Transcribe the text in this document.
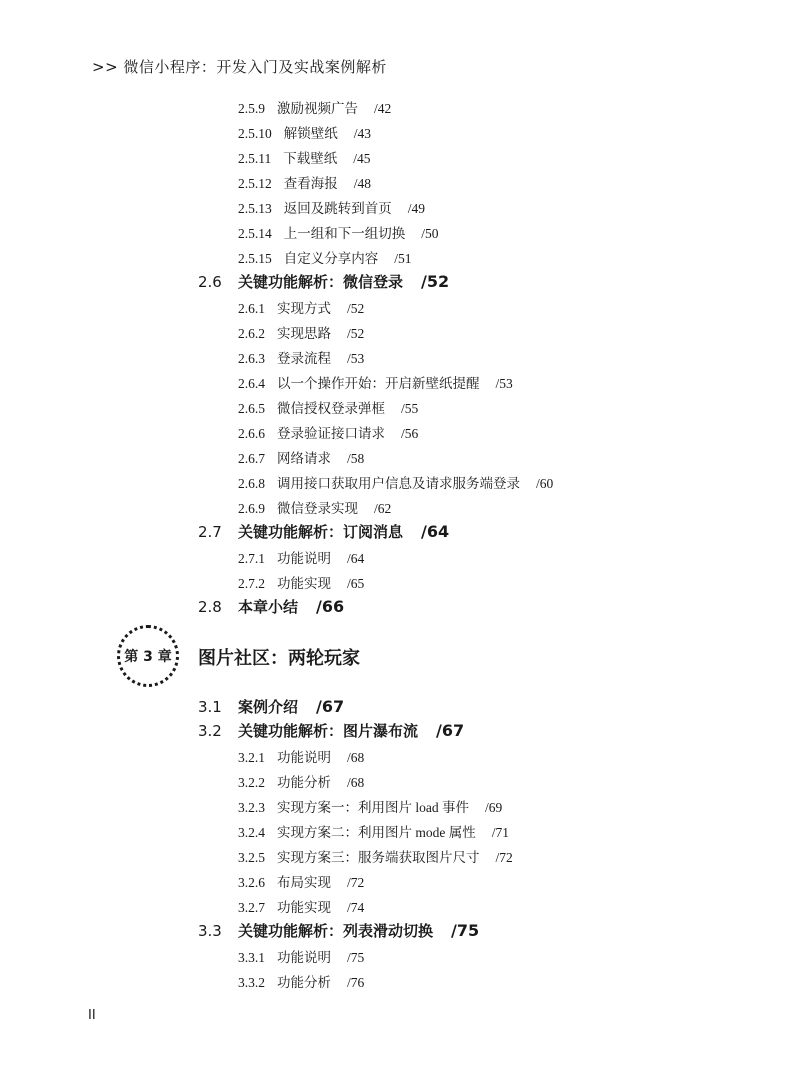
>> 微信小程序：开发入门及实战案例解析
2.5.9 激励视频广告 /42
2.5.10 解锁壁纸 /43
2.5.11 下载壁纸 /45
2.5.12 查看海报 /48
2.5.13 返回及跳转到首页 /49
2.5.14 上一组和下一组切换 /50
2.5.15 自定义分享内容 /51
2.6 关键功能解析：微信登录 /52
2.6.1 实现方式 /52
2.6.2 实现思路 /52
2.6.3 登录流程 /53
2.6.4 以一个操作开始：开启新壁纸提醒 /53
2.6.5 微信授权登录弹框 /55
2.6.6 登录验证接口请求 /56
2.6.7 网络请求 /58
2.6.8 调用接口获取用户信息及请求服务端登录 /60
2.6.9 微信登录实现 /62
2.7 关键功能解析：订阅消息 /64
2.7.1 功能说明 /64
2.7.2 功能实现 /65
2.8 本章小结 /66
3.1 案例介绍 /67
3.2 关键功能解析：图片瀑布流 /67
3.2.1 功能说明 /68
3.2.2 功能分析 /68
3.2.3 实现方案一：利用图片 load 事件 /69
3.2.4 实现方案二：利用图片 mode 属性 /71
3.2.5 实现方案三：服务端获取图片尺寸 /72
3.2.6 布局实现 /72
3.2.7 功能实现 /74
3.3 关键功能解析：列表滑动切换 /75
3.3.1 功能说明 /75
3.3.2 功能分析 /76
第 3 章 图片社区：两轮玩家
II
